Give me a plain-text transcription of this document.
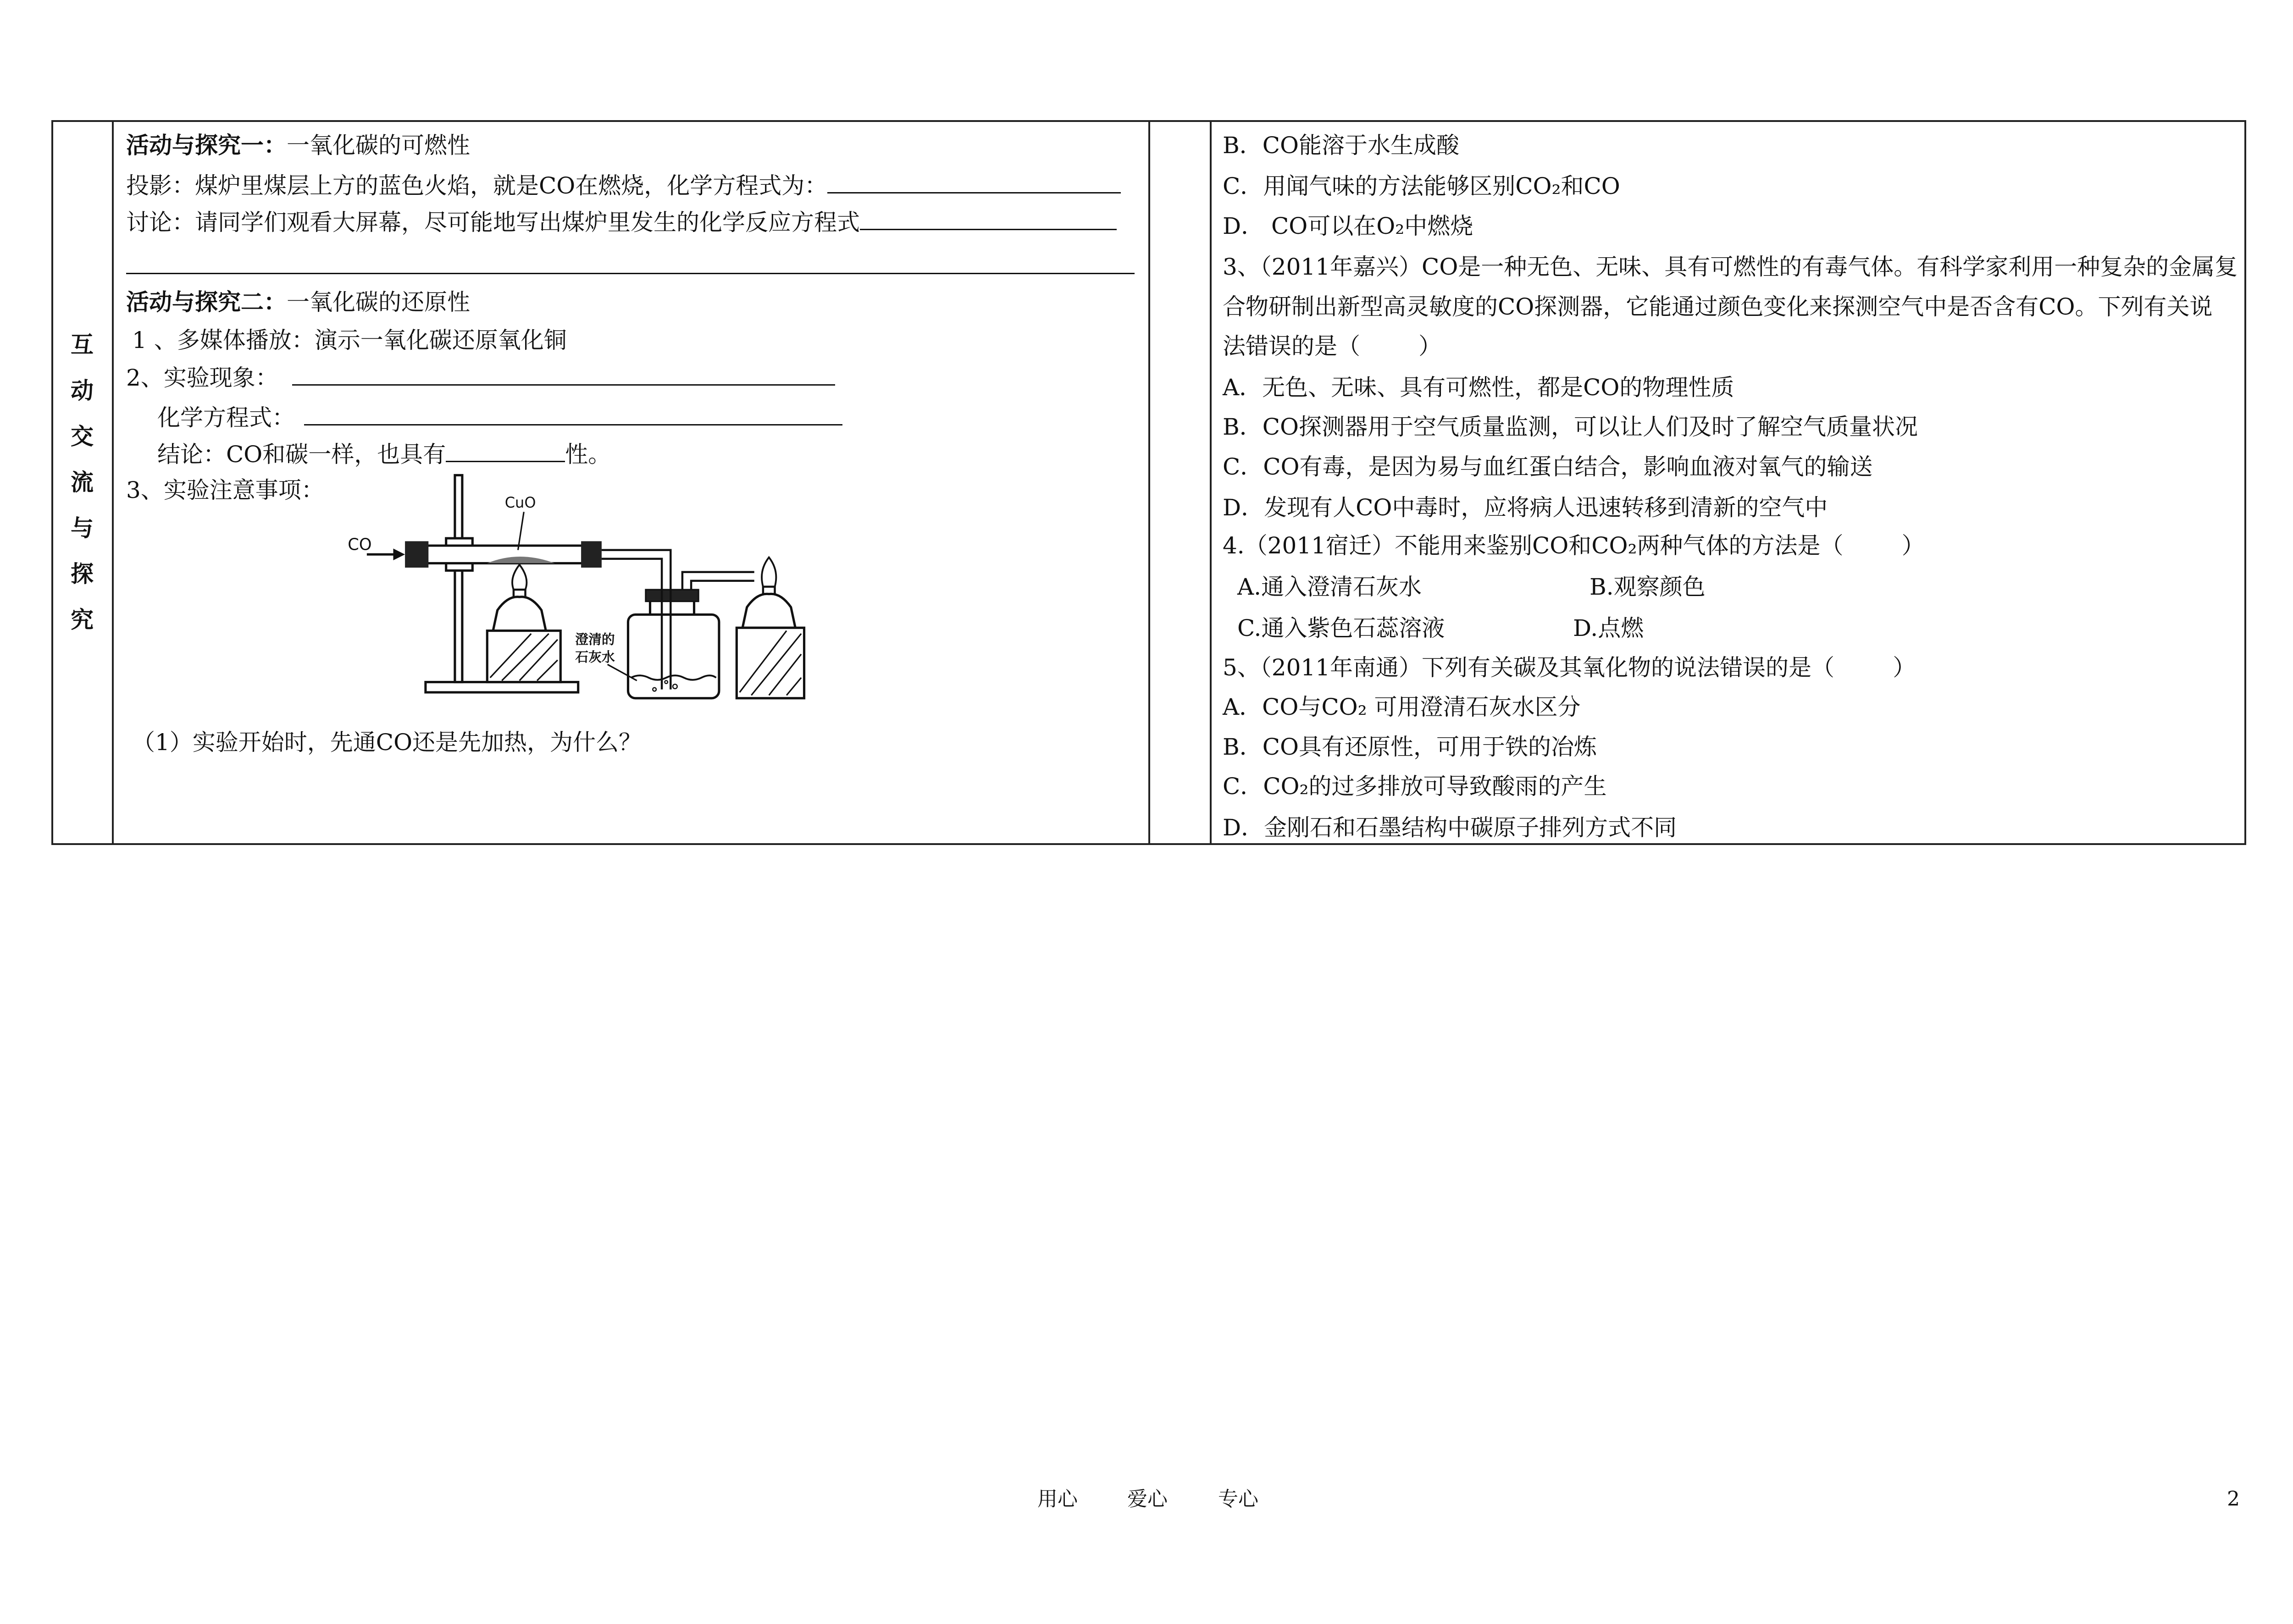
互
动
交
流
与
探
究
活动与探究一：一氧化碳的可燃性
投影：煤炉里煤层上方的蓝色火焰，就是CO在燃烧，化学方程式为：
讨论：请同学们观看大屏幕，尽可能地写出煤炉里发生的化学反应方程式
活动与探究二：一氧化碳的还原性
1 、多媒体播放：演示一氧化碳还原氧化铜
2、实验现象：
化学方程式：
结论：CO和碳一样，也具有	性。
3、实验注意事项：
CO
CuO
澄清的
石灰水
（1）实验开始时，先通CO还是先加热，为什么？
B．CO能溶于水生成酸
C．用闻气味的方法能够区别CO₂和CO
D． CO可以在O₂中燃烧
3、（2011年嘉兴）CO是一种无色、无味、具有可燃性的有毒气体。有科学家利用一种复杂的金属复
合物研制出新型高灵敏度的CO探测器，它能通过颜色变化来探测空气中是否含有CO。下列有关说
法错误的是（        ）
A．无色、无味、具有可燃性，都是CO的物理性质
B．CO探测器用于空气质量监测，可以让人们及时了解空气质量状况
C．CO有毒，是因为易与血红蛋白结合，影响血液对氧气的输送
D．发现有人CO中毒时，应将病人迅速转移到清新的空气中
4.（2011宿迁）不能用来鉴别CO和CO₂两种气体的方法是（        ）
A.通入澄清石灰水	B.观察颜色
C.通入紫色石蕊溶液	D.点燃
5、（2011年南通）下列有关碳及其氧化物的说法错误的是（        ）
A．CO与CO₂ 可用澄清石灰水区分
B．CO具有还原性，可用于铁的冶炼
C．CO₂的过多排放可导致酸雨的产生
D．金刚石和石墨结构中碳原子排列方式不同
用心 爱心	专心	2
